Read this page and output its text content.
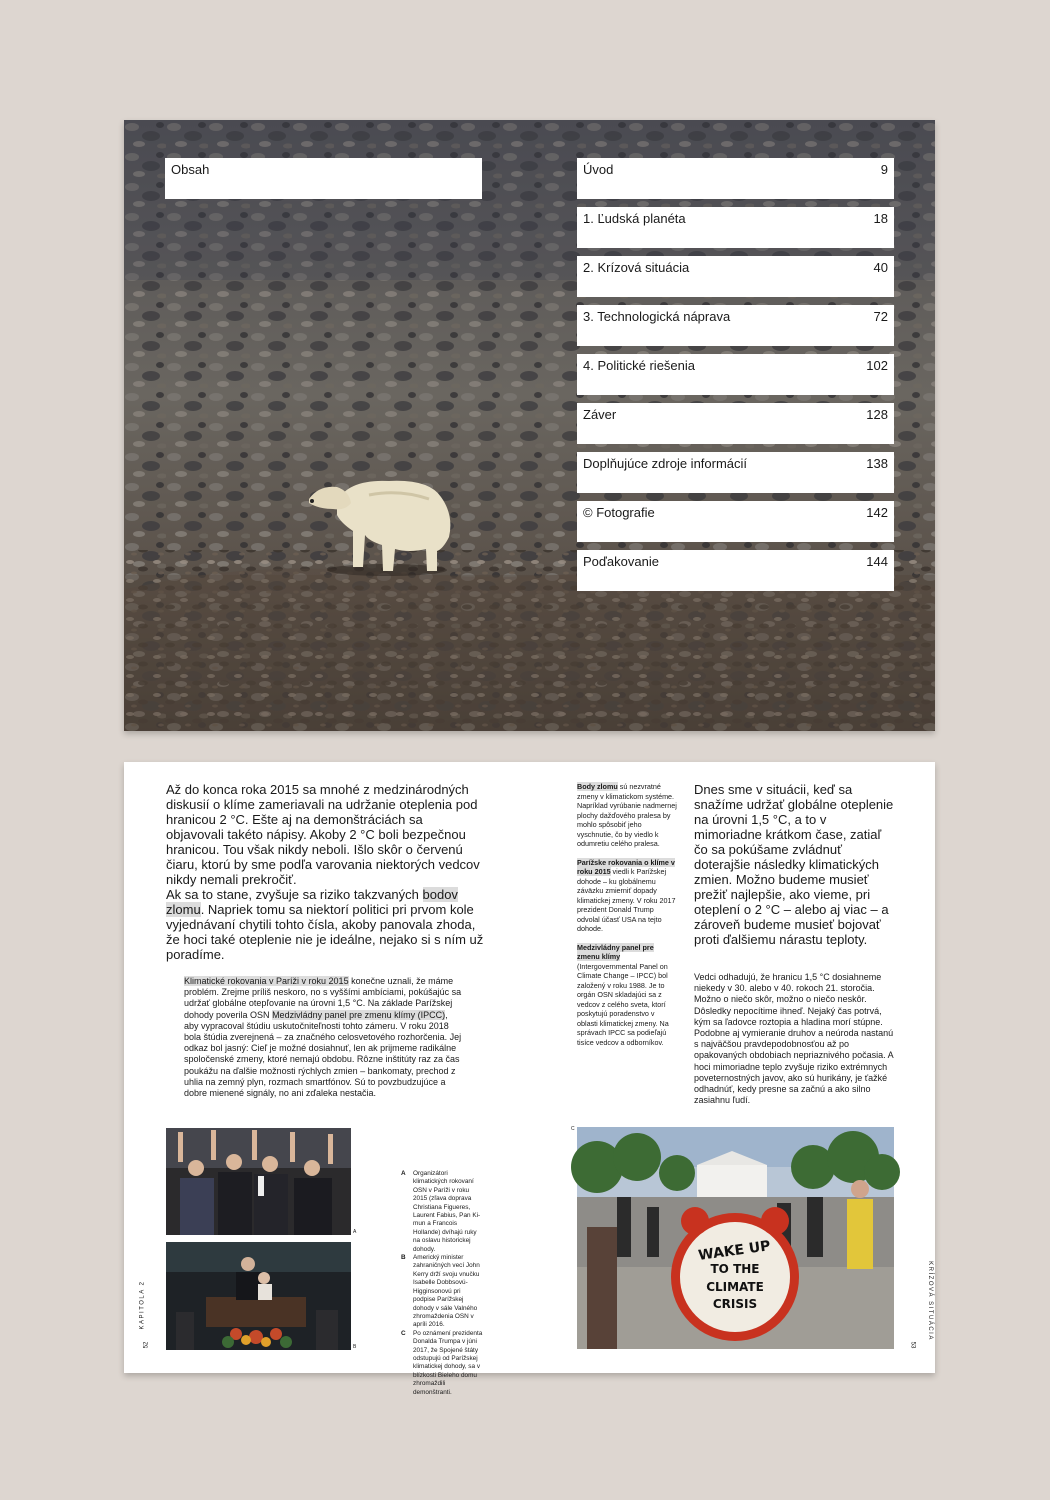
Obsah	Úvod	9
1. Ľudská planéta	18
2. Krízová situácia	40
3. Technologická náprava	72
4. Politické riešenia	102
Záver	128
Doplňujúce zdroje informácií	138
© Fotografie	142
Poďakovanie	144
Až do konca roka 2015 sa mnohé z medzinárodných diskusií o klíme zameriavali na udržanie oteplenia pod hranicou 2 °C. Ešte aj na demonštráciách sa objavovali takéto nápisy. Akoby 2 °C boli bezpečnou hranicou. Tou však nikdy neboli. Išlo skôr o červenú čiaru, ktorú by sme podľa varovania niektorých vedcov nikdy nemali prekročiť.
Ak sa to stane, zvyšuje sa riziko takzvaných bodov zlomu. Napriek tomu sa niektorí politici pri prvom kole vyjednávaní chytili tohto čísla, akoby panovala zhoda, že hoci také oteplenie nie je ideálne, nejako si s ním už poradíme.
Klimatické rokovania v Paríži v roku 2015 konečne uznali, že máme problém. Zrejme príliš neskoro, no s vyššími ambíciami, pokúšajúc sa udržať globálne otepľovanie na úrovni 1,5 °C. Na základe Parížskej dohody poverila OSN Medzivládny panel pre zmenu klímy (IPCC), aby vypracoval štúdiu uskutočniteľnosti tohto zámeru. V roku 2018 bola štúdia zverejnená – za značného celosvetového rozhorčenia. Jej odkaz bol jasný: Cieľ je možné dosiahnuť, len ak prijmeme radikálne spoločenské zmeny, ktoré nemajú obdobu. Rôzne inštitúty raz za čas poukážu na ďalšie možnosti rýchlych zmien – bankomaty, prechod z uhlia na zemný plyn, rozmach smartfónov. Sú to povzbudzujúce a dobre mienené signály, no ani zďaleka nestačia.
A
B
A	Organizátori klimatických rokovaní OSN v Paríži v roku 2015 (zľava doprava Christiana Figueres, Laurent Fabius, Pan Ki-mun a Francois Hollande) dvíhajú ruky na oslavu historickej dohody.
B	Americký minister zahraničných vecí John Kerry drží svoju vnučku Isabelle Dobbsovú-Higginsonovú pri podpise Parížskej dohody v sále Valného zhromaždenia OSN v apríli 2016.
C	Po oznámení prezidenta Donalda Trumpa v júni 2017, že Spojené štáty odstupujú od Parížskej klimatickej dohody, sa v blízkosti Bieleho domu zhromaždili demonštranti.
KAPITOLA 2
52

Body zlomu sú nezvratné zmeny v klimatickom systéme. Napríklad vyrúbanie nadmernej plochy dažďového pralesa by mohlo spôsobiť jeho vyschnutie, čo by viedlo k odumretiu celého pralesa.

Parížske rokovania o klíme v roku 2015 viedli k Parížskej dohode – ku globálnemu záväzku zmierniť dopady klimatickej zmeny. V roku 2017 prezident Donald Trump odvolal účasť USA na tejto dohode.

Medzivládny panel pre zmenu klímy (Intergovernmental Panel on Climate Change – IPCC) bol založený v roku 1988. Je to orgán OSN skladajúci sa z vedcov z celého sveta, ktorí poskytujú poradenstvo v oblasti klimatickej zmeny. Na správach IPCC sa podieľajú tisíce vedcov a odborníkov.

Dnes sme v situácii, keď sa snažíme udržať globálne oteplenie na úrovni 1,5 °C, a to v mimoriadne krátkom čase, zatiaľ čo sa pokúšame zvládnuť doterajšie následky klimatických zmien. Možno budeme musieť prežiť najlepšie, ako vieme, pri oteplení o 2 °C – alebo aj viac – a zároveň budeme musieť bojovať proti ďalšiemu nárastu teploty.
Vedci odhadujú, že hranicu 1,5 °C dosiahneme niekedy v 30. alebo v 40. rokoch 21. storočia. Možno o niečo skôr, možno o niečo neskôr. Dôsledky nepocítime ihneď. Nejaký čas potrvá, kým sa ľadovce roztopia a hladina morí stúpne. Podobne aj vymieranie druhov a neúroda nastanú s najväčšou pravdepodobnosťou až po opakovaných obdobiach nepriaznivého počasia. A hoci mimoriadne teplo zvyšuje riziko extrémnych poveternostných javov, ako sú hurikány, je ťažké odhadnúť, kedy presne sa začnú a ako silno zasiahnu ľudí.
C
WAKE UP
TO THE
CLIMATE
CRISIS	KRÍZOVÁ SITUÁCIA
53
